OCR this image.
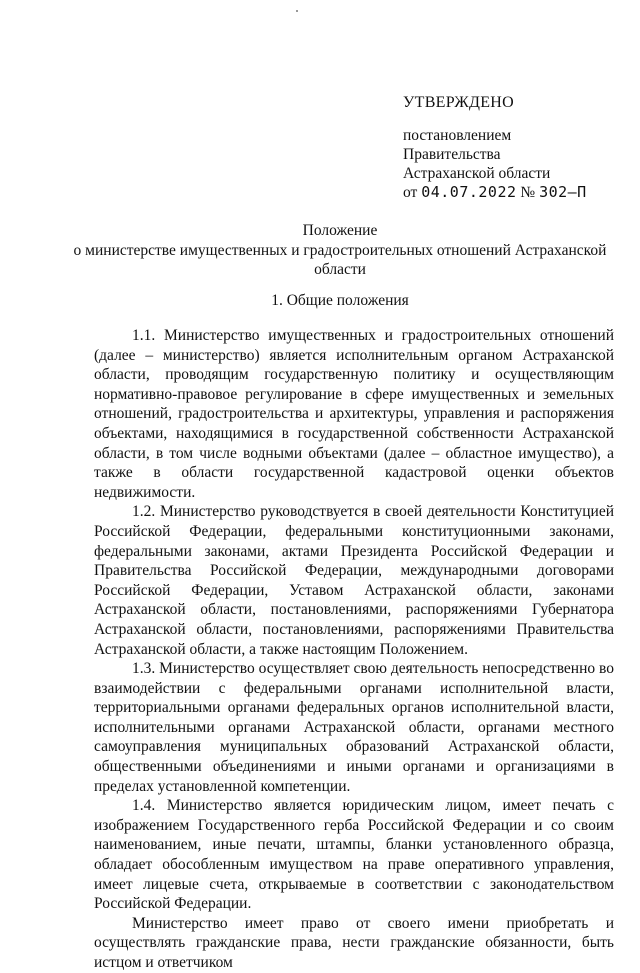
УТВЕРЖДЕНО
постановлением
Правительства
Астраханской области
от 04.07.2022 № 302–П
Положение
о министерстве имущественных и градостроительных отношений Астраханской области
1. Общие положения

1.1. Министерство имущественных и градостроительных отношений (далее – министерство) является исполнительным органом Астраханской области, проводящим государственную политику и осуществляющим нормативно-правовое регулирование в сфере имущественных и земельных отношений, градостроительства и архитектуры, управления и распоряжения объектами, находящимися в государственной собственности Астраханской области, в том числе водными объектами (далее – областное имущество), а также в области государственной кадастровой оценки объектов недвижимости.

1.2. Министерство руководствуется в своей деятельности Конституцией Российской Федерации, федеральными конституционными законами, федеральными законами, актами Президента Российской Федерации и Правительства Российской Федерации, международными договорами Российской Федерации, Уставом Астраханской области, законами Астраханской области, постановлениями, распоряжениями Губернатора Астраханской области, постановлениями, распоряжениями Правительства Астраханской области, а также настоящим Положением.

1.3. Министерство осуществляет свою деятельность непосредственно во взаимодействии с федеральными органами исполнительной власти, территориальными органами федеральных органов исполнительной власти, исполнительными органами Астраханской области, органами местного самоуправления муниципальных образований Астраханской области, общественными объединениями и иными органами и организациями в пределах установленной компетенции.

1.4. Министерство является юридическим лицом, имеет печать с изображением Государственного герба Российской Федерации и со своим наименованием, иные печати, штампы, бланки установленного образца, обладает обособленным имуществом на праве оперативного управления, имеет лицевые счета, открываемые в соответствии с законодательством Российской Федерации.

Министерство имеет право от своего имени приобретать и осуществлять гражданские права, нести гражданские обязанности, быть истцом и ответчиком
